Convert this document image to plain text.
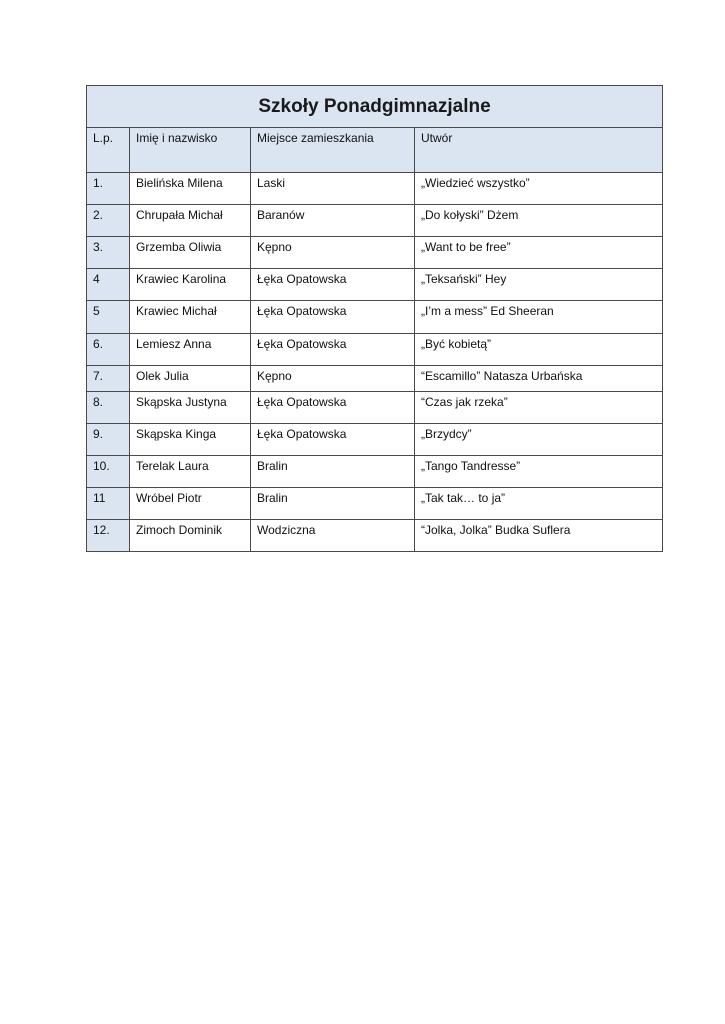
Szkoły Ponadgimnazjalne			
L.p.	Imię i nazwisko	Miejsce zamieszkania	Utwór
1.	Bielińska Milena	Laski	„Wiedzieć wszystko”
2.	Chrupała Michał	Baranów	„Do kołyski” Dżem
3.	Grzemba Oliwia	Kępno	„Want to be free”
4	Krawiec Karolina	Łęka Opatowska	„Teksański” Hey
5	Krawiec Michał	Łęka Opatowska	„I’m a mess” Ed Sheeran
6.	Lemiesz Anna	Łęka Opatowska	„Być kobietą”
7.	Olek Julia	Kępno	“Escamillo” Natasza Urbańska
8.	Skąpska Justyna	Łęka Opatowska	“Czas jak rzeka”
9.	Skąpska Kinga	Łęka Opatowska	„Brzydcy”
10.	Terelak Laura	Bralin	„Tango Tandresse”
11	Wróbel Piotr	Bralin	„Tak tak… to ja”
12.	Zimoch Dominik	Wodziczna	“Jolka, Jolka” Budka Suflera
